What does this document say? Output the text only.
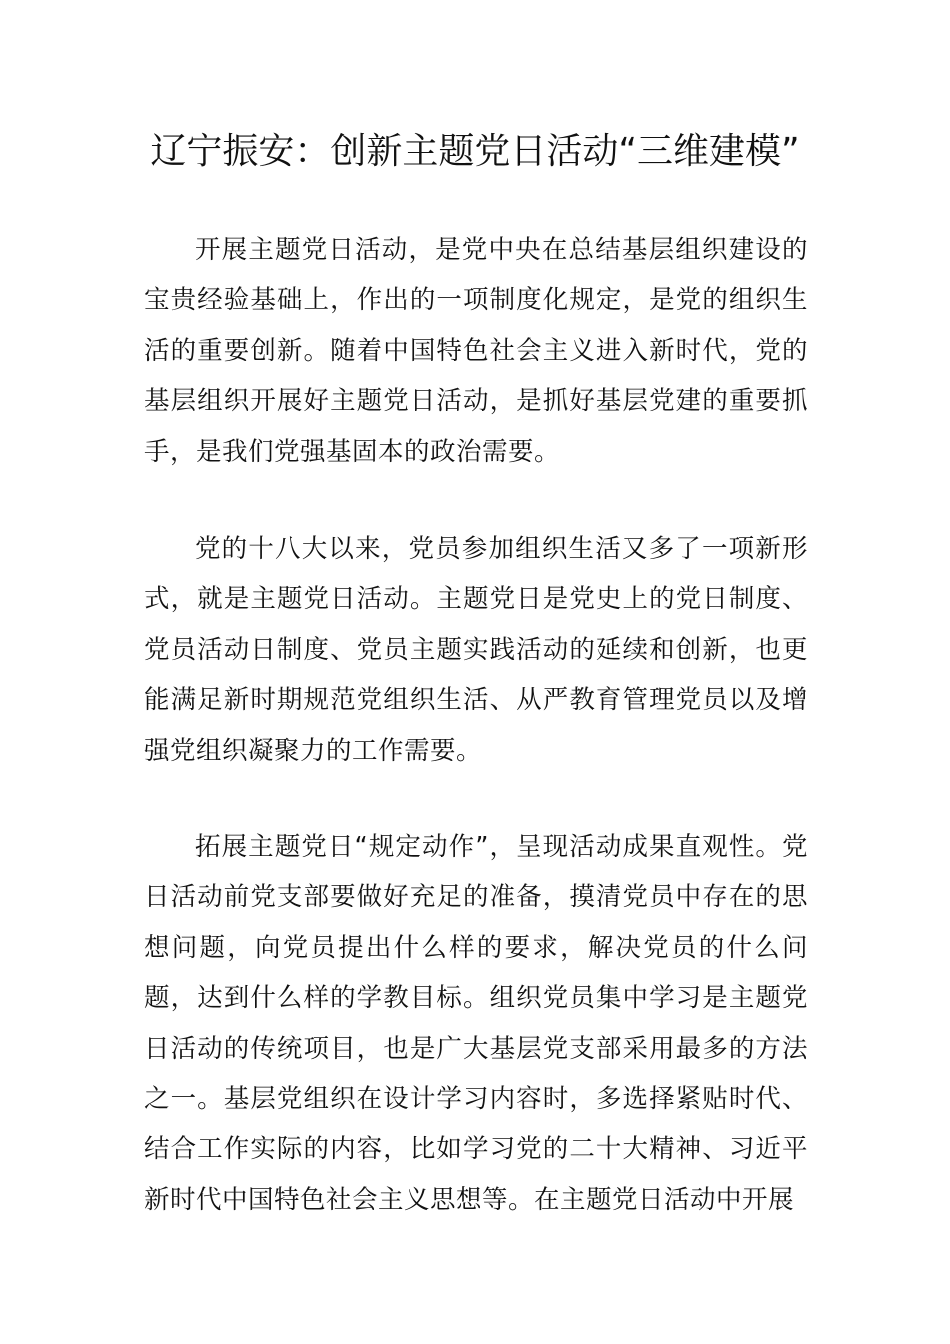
辽宁振安：创新主题党日活动“三维建模”

开展主题党日活动，是党中央在总结基层组织建设的宝贵经验基础上，作出的一项制度化规定，是党的组织生活的重要创新。随着中国特色社会主义进入新时代，党的基层组织开展好主题党日活动，是抓好基层党建的重要抓手，是我们党强基固本的政治需要。

党的十八大以来，党员参加组织生活又多了一项新形式，就是主题党日活动。主题党日是党史上的党日制度、党员活动日制度、党员主题实践活动的延续和创新，也更能满足新时期规范党组织生活、从严教育管理党员以及增强党组织凝聚力的工作需要。

拓展主题党日“规定动作”，呈现活动成果直观性。党日活动前党支部要做好充足的准备，摸清党员中存在的思想问题，向党员提出什么样的要求，解决党员的什么问题，达到什么样的学教目标。组织党员集中学习是主题党日活动的传统项目，也是广大基层党支部采用最多的方法之一。基层党组织在设计学习内容时，多选择紧贴时代、结合工作实际的内容，比如学习党的二十大精神、习近平新时代中国特色社会主义思想等。在主题党日活动中开展
